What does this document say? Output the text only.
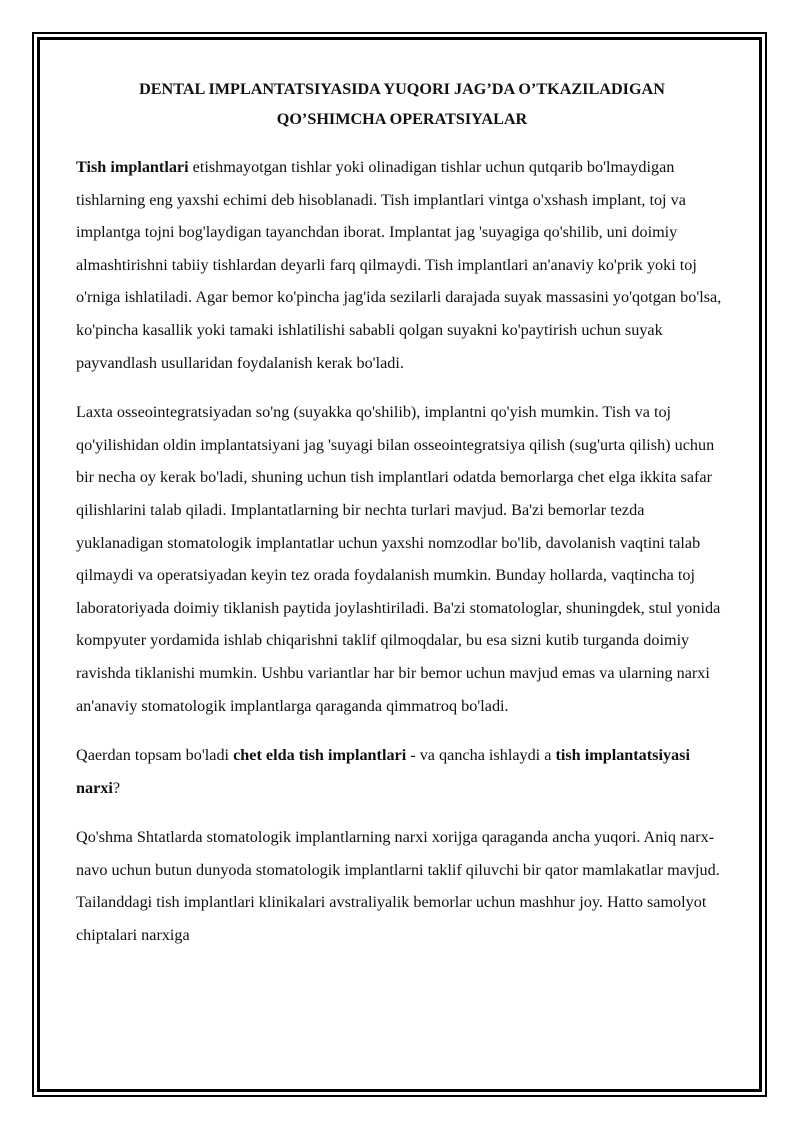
DENTAL IMPLANTATSIYASIDA YUQORI JAG’DA O’TKAZILADIGAN
QO’SHIMCHA OPERATSIYALAR

Tish implantlari etishmayotgan tishlar yoki olinadigan tishlar uchun qutqarib bo'lmaydigan tishlarning eng yaxshi echimi deb hisoblanadi. Tish implantlari vintga o'xshash implant, toj va implantga tojni bog'laydigan tayanchdan iborat. Implantat jag 'suyagiga qo'shilib, uni doimiy almashtirishni tabiiy tishlardan deyarli farq qilmaydi. Tish implantlari an'anaviy ko'prik yoki toj o'rniga ishlatiladi. Agar bemor ko'pincha jag'ida sezilarli darajada suyak massasini yo'qotgan bo'lsa, ko'pincha kasallik yoki tamaki ishlatilishi sababli qolgan suyakni ko'paytirish uchun suyak payvandlash usullaridan foydalanish kerak bo'ladi.

Laxta osseointegratsiyadan so'ng (suyakka qo'shilib), implantni qo'yish mumkin. Tish va toj qo'yilishidan oldin implantatsiyani jag 'suyagi bilan osseointegratsiya qilish (sug'urta qilish) uchun bir necha oy kerak bo'ladi, shuning uchun tish implantlari odatda bemorlarga chet elga ikkita safar qilishlarini talab qiladi. Implantatlarning bir nechta turlari mavjud. Ba'zi bemorlar tezda yuklanadigan stomatologik implantatlar uchun yaxshi nomzodlar bo'lib, davolanish vaqtini talab qilmaydi va operatsiyadan keyin tez orada foydalanish mumkin. Bunday hollarda, vaqtincha toj laboratoriyada doimiy tiklanish paytida joylashtiriladi. Ba'zi stomatologlar, shuningdek, stul yonida kompyuter yordamida ishlab chiqarishni taklif qilmoqdalar, bu esa sizni kutib turganda doimiy ravishda tiklanishi mumkin. Ushbu variantlar har bir bemor uchun mavjud emas va ularning narxi an'anaviy stomatologik implantlarga qaraganda qimmatroq bo'ladi.

Qaerdan topsam bo'ladi chet elda tish implantlari - va qancha ishlaydi a tish implantatsiyasi narxi?

Qo'shma Shtatlarda stomatologik implantlarning narxi xorijga qaraganda ancha yuqori. Aniq narx-navo uchun butun dunyoda stomatologik implantlarni taklif qiluvchi bir qator mamlakatlar mavjud. Tailanddagi tish implantlari klinikalari avstraliyalik bemorlar uchun mashhur joy. Hatto samolyot chiptalari narxiga
